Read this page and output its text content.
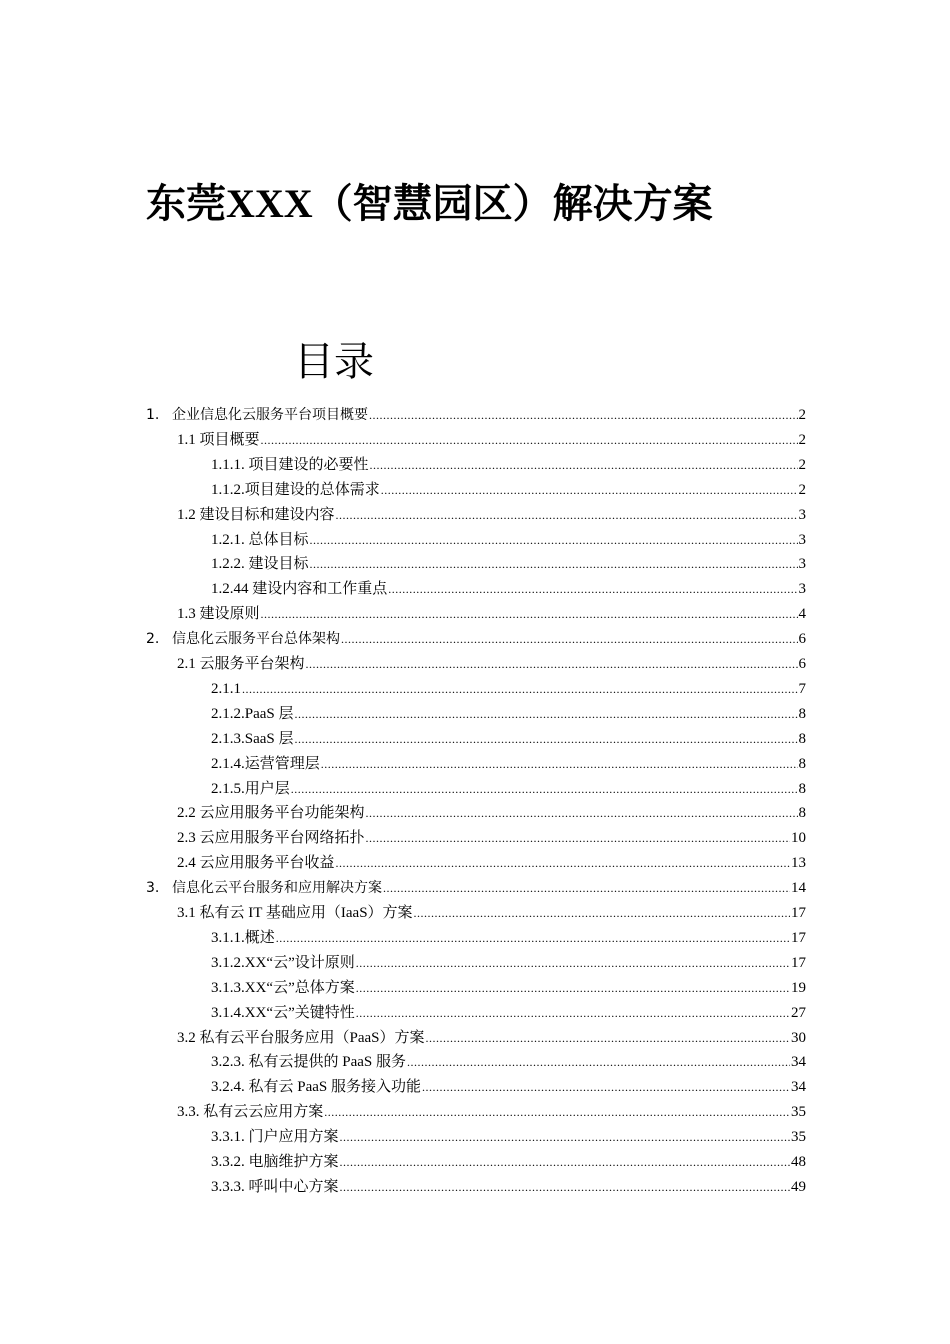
东莞XXX（智慧园区）解决方案
目录
1. 企业信息化云服务平台项目概要 .....	2
1.1 项目概要 .....	2
1.1.1. 项目建设的必要性 .....	2
1.1.2.项目建设的总体需求 .....	2
1.2 建设目标和建设内容 .....	3
1.2.1. 总体目标 .....	3
1.2.2. 建设目标 .....	3
1.2.44 建设内容和工作重点 .....	3
1.3 建设原则 .....	4
2. 信息化云服务平台总体架构 .....	6
2.1 云服务平台架构 .....	6
2.1.1 .....	7
2.1.2.PaaS 层 .....	8
2.1.3.SaaS 层 .....	8
2.1.4.运营管理层 .....	8
2.1.5.用户层 .....	8
2.2 云应用服务平台功能架构 .....	8
2.3 云应用服务平台网络拓扑 .....	10
2.4 云应用服务平台收益 .....	13
3. 信息化云平台服务和应用解决方案 .....	14
3.1 私有云 IT 基础应用（IaaS）方案 .....	17
3.1.1.概述 .....	17
3.1.2.XX“云”设计原则 .....	17
3.1.3.XX“云”总体方案 .....	19
3.1.4.XX“云”关键特性 .....	27
3.2 私有云平台服务应用（PaaS）方案 .....	30
3.2.3. 私有云提供的 PaaS 服务 .....	34
3.2.4. 私有云 PaaS 服务接入功能 .....	34
3.3. 私有云云应用方案 .....	35
3.3.1. 门户应用方案 .....	35
3.3.2. 电脑维护方案 .....	48
3.3.3. 呼叫中心方案 .....	49
